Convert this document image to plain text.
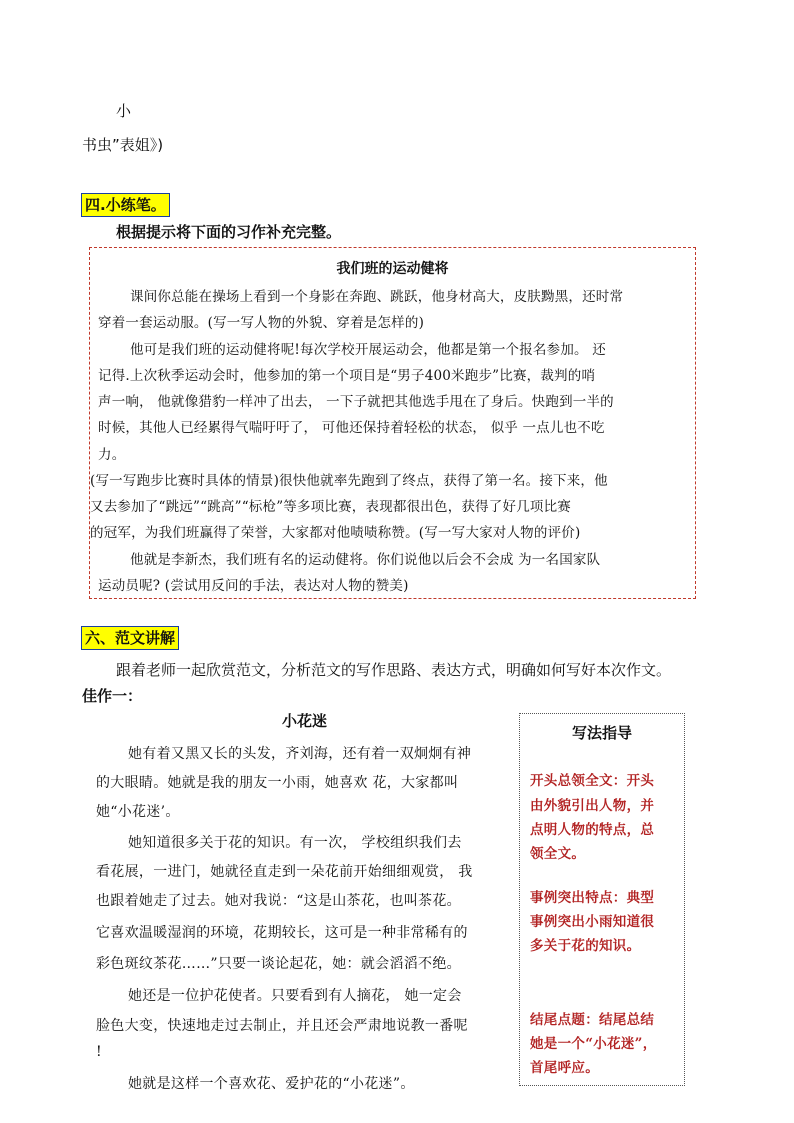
小
书虫”表姐》)
四.小练笔。
根据提示将下面的习作补充完整。
我们班的运动健将
课间你总能在操场上看到一个身影在奔跑、跳跃，他身材高大，皮肤黝黑，还时常
穿着一套运动服。(写一写人物的外貌、穿着是怎样的)
他可是我们班的运动健将呢!每次学校开展运动会，他都是第一个报名参加。 还
记得.上次秋季运动会时，他参加的第一个项目是“男子400米跑步”比赛，裁判的哨
声一响， 他就像猎豹一样冲了出去， 一下子就把其他选手甩在了身后。快跑到一半的
时候，其他人已经累得气喘吁吁了， 可他还保持着轻松的状态， 似乎 一点儿也不吃
力。
(写一写跑步比赛时具体的情景)很快他就率先跑到了终点，获得了第一名。接下来，他
又去参加了“跳远”“跳高”“标枪”等多项比赛，表现都很出色，获得了好几项比赛
的冠军，为我们班赢得了荣誉，大家都对他啧啧称赞。(写一写大家对人物的评价)
他就是李新杰，我们班有名的运动健将。你们说他以后会不会成 为一名国家队
运动员呢? (尝试用反问的手法，表达对人物的赞美)
六、范文讲解
跟着老师一起欣赏范文，分析范文的写作思路、表达方式，明确如何写好本次作文。
佳作一：
小花迷
她有着又黑又长的头发，齐刘海，还有着一双炯炯有神
的大眼睛。她就是我的朋友一小雨，她喜欢 花，大家都叫
她“小花迷’。
她知道很多关于花的知识。有一次， 学校组织我们去
看花展，一进门，她就径直走到一朵花前开始细细观赏， 我
也跟着她走了过去。她对我说：“这是山茶花，也叫茶花。
它喜欢温暖湿润的环境，花期较长，这可是一种非常稀有的
彩色斑纹茶花……”只要一谈论起花，她：就会滔滔不绝。
她还是一位护花使者。只要看到有人摘花， 她一定会
脸色大变，快速地走过去制止，并且还会严肃地说教一番呢
!
她就是这样一个喜欢花、爱护花的“小花迷”。
写法指导
开头总领全文：开头
由外貌引出人物，并
点明人物的特点，总
领全文。
事例突出特点：典型
事例突出小雨知道很
多关于花的知识。
结尾点题：结尾总结
她是一个“小花迷”，
首尾呼应。
